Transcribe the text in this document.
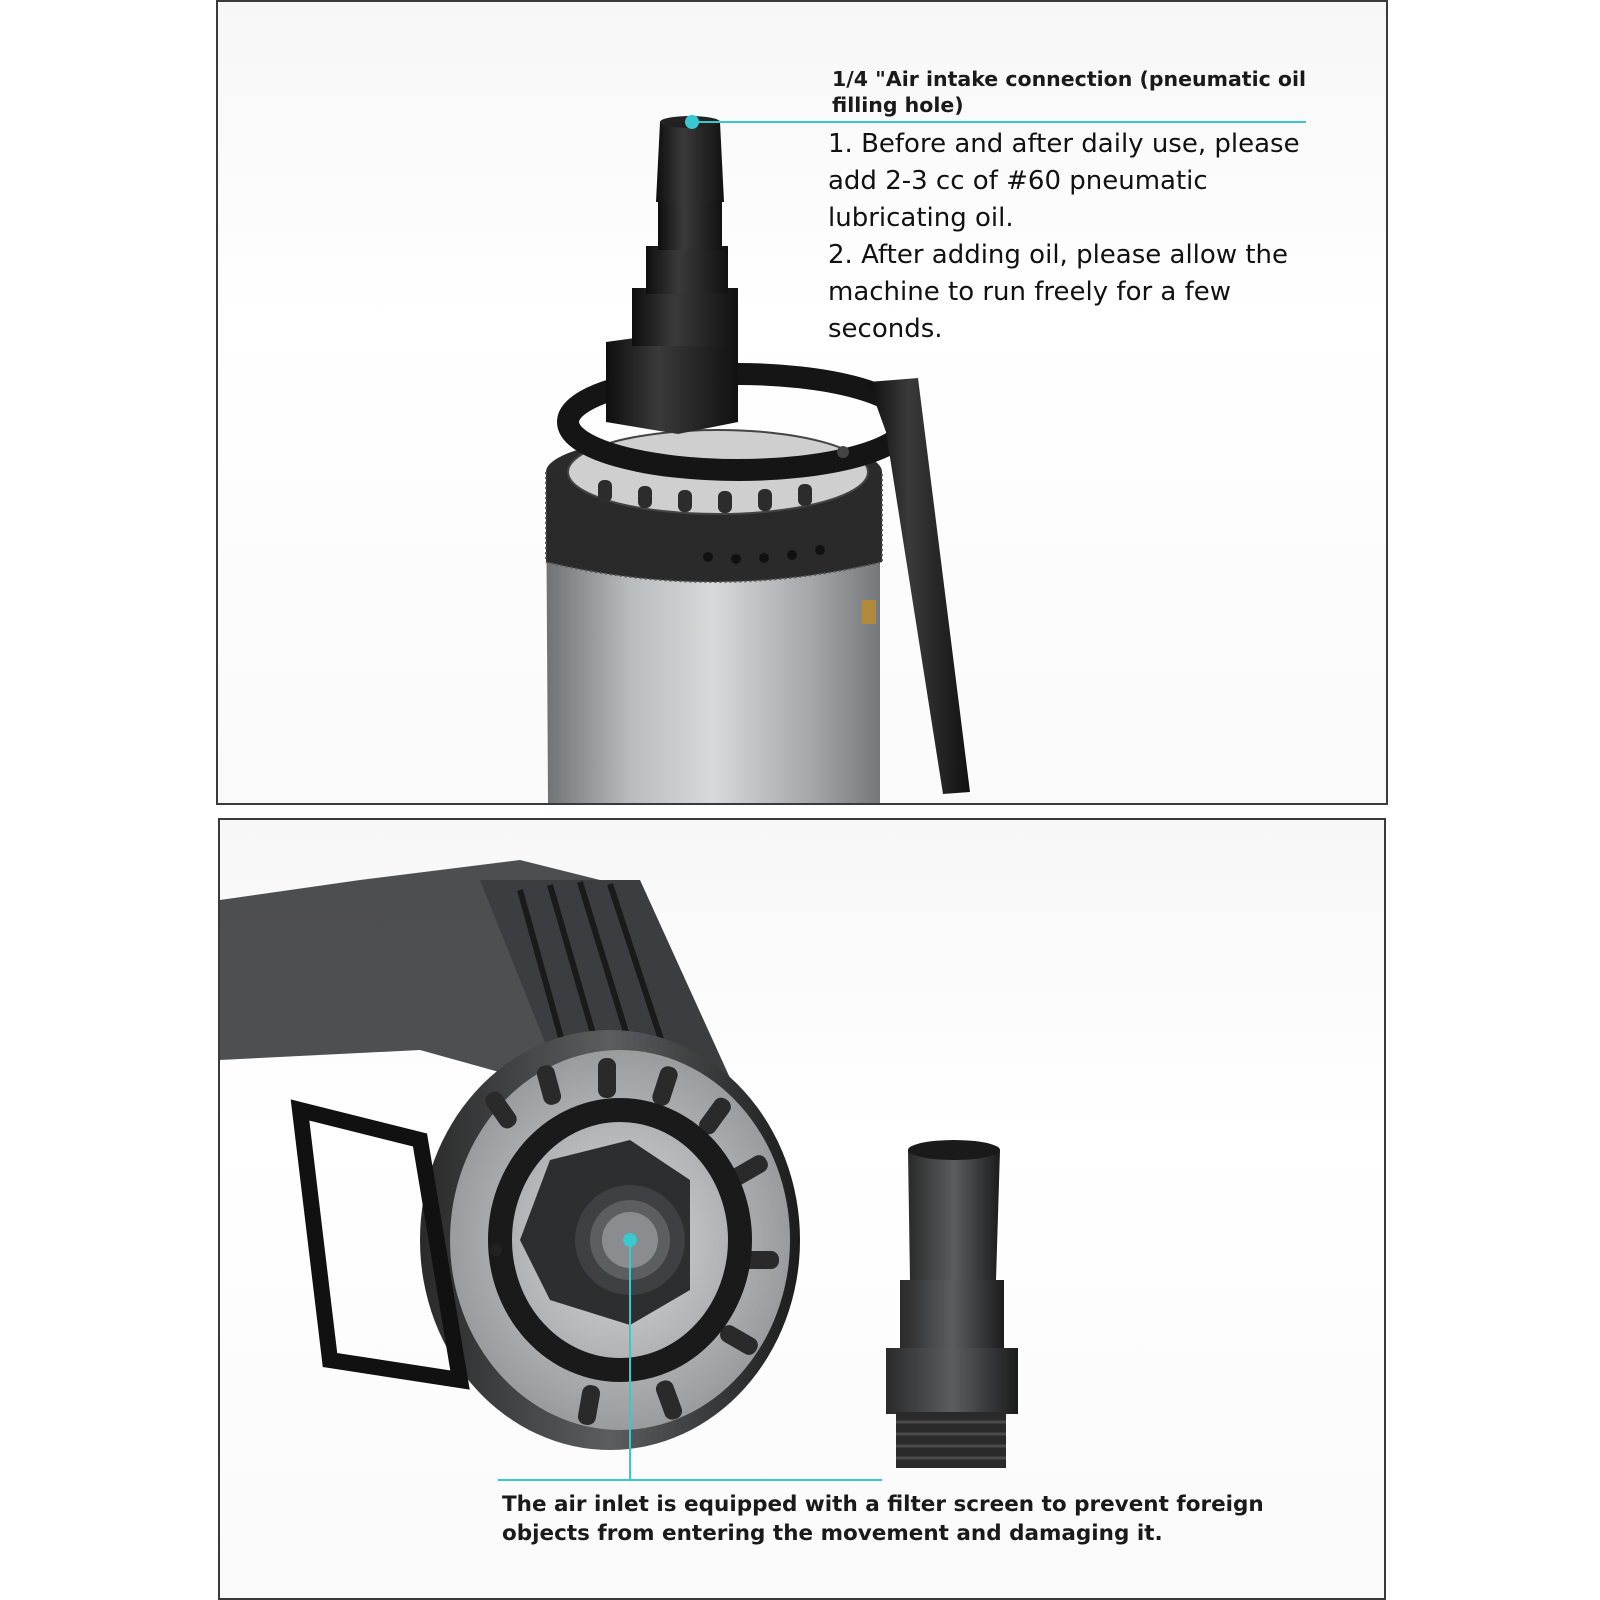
1/4 "Air intake connection (pneumatic oil filling hole)

1. Before and after daily use, please add 2-3 cc of #60 pneumatic lubricating oil.
2. After adding oil, please allow the machine to run freely for a few seconds.

The air inlet is equipped with a filter screen to prevent foreign objects from entering the movement and damaging it.
